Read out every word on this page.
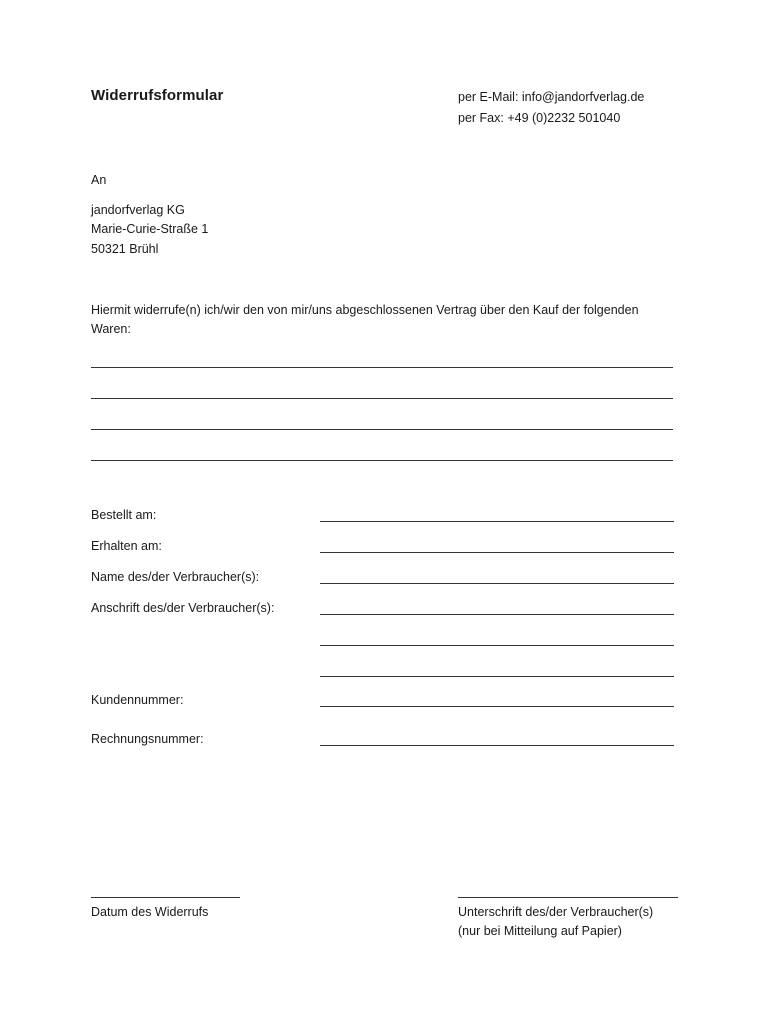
Widerrufsformular	per E-Mail: info@jandorfverlag.de
per Fax: +49 (0)2232 501040
An
jandorfverlag KG
Marie-Curie-Straße 1
50321 Brühl
Hiermit widerrufe(n) ich/wir den von mir/uns abgeschlossenen Vertrag über den Kauf der folgenden Waren:
Bestellt am:
Erhalten am:
Name des/der Verbraucher(s):
Anschrift des/der Verbraucher(s):
Kundennummer:
Rechnungsnummer:
Datum des Widerrufs	Unterschrift des/der Verbraucher(s)
(nur bei Mitteilung auf Papier)
